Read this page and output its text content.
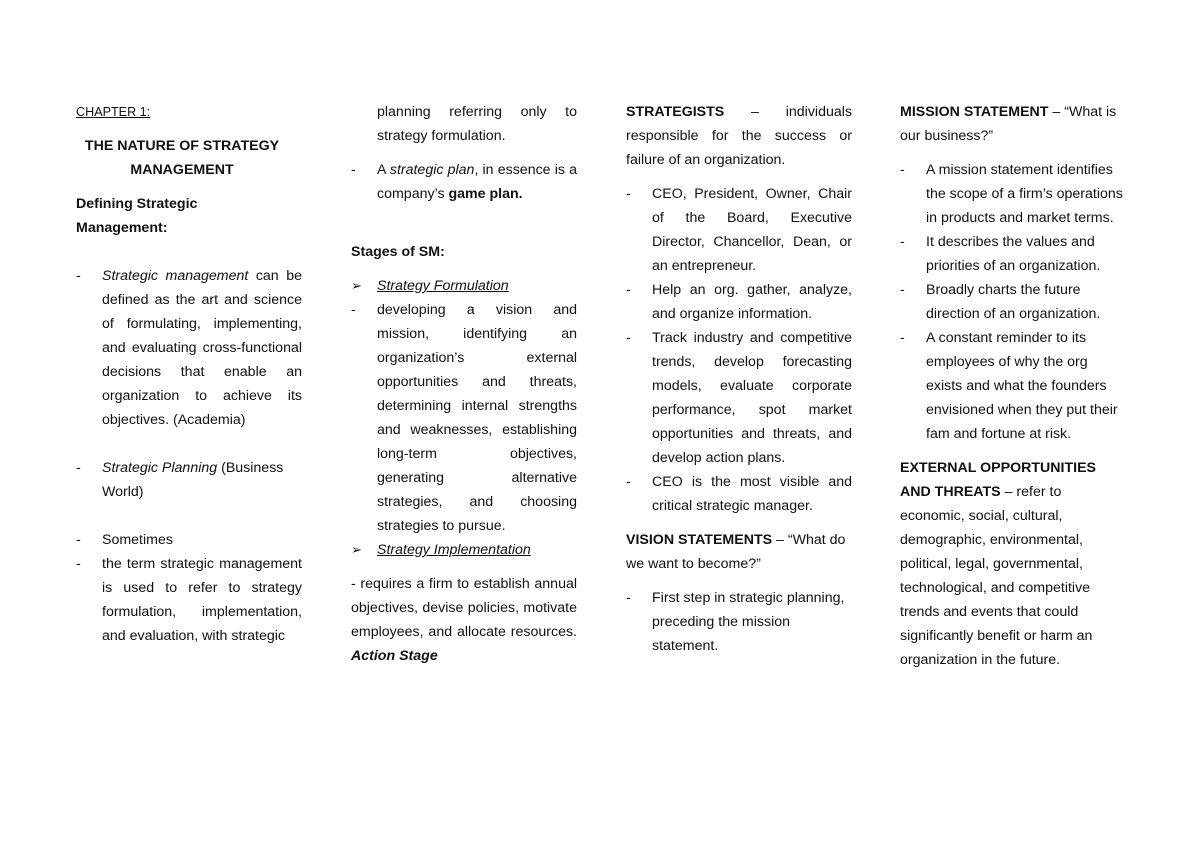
CHAPTER 1:
THE NATURE OF STRATEGY MANAGEMENT
Defining Strategic Management:
-	Strategic management can be defined as the art and science of formulating, implementing, and evaluating cross-functional decisions that enable an organization to achieve its objectives. (Academia)
-	Strategic Planning (Business World)
-	Sometimes
-	the term strategic management is used to refer to strategy formulation, implementation, and evaluation, with strategic
planning referring only to strategy formulation.
-	A strategic plan, in essence is a company’s game plan.
Stages of SM:
➢	Strategy Formulation
-	developing a vision and mission, identifying an organization’s external opportunities and threats, determining internal strengths and weaknesses, establishing long-term objectives, generating alternative strategies, and choosing strategies to pursue.
➢	Strategy Implementation
- requires a firm to establish annual objectives, devise policies, motivate employees, and allocate resources. Action Stage
STRATEGISTS – individuals responsible for the success or failure of an organization.
-	CEO, President, Owner, Chair of the Board, Executive Director, Chancellor, Dean, or an entrepreneur.
-	Help an org. gather, analyze, and organize information.
-	Track industry and competitive trends, develop forecasting models, evaluate corporate performance, spot market opportunities and threats, and develop action plans.
-	CEO is the most visible and critical strategic manager.
VISION STATEMENTS – “What do we want to become?”
-	First step in strategic planning, preceding the mission statement.
MISSION STATEMENT – “What is our business?”
-	A mission statement identifies the scope of a firm’s operations in products and market terms.
-	It describes the values and priorities of an organization.
-	Broadly charts the future direction of an organization.
-	A constant reminder to its employees of why the org exists and what the founders envisioned when they put their fam and fortune at risk.
EXTERNAL OPPORTUNITIES AND THREATS – refer to economic, social, cultural, demographic, environmental, political, legal, governmental, technological, and competitive trends and events that could significantly benefit or harm an organization in the future.
